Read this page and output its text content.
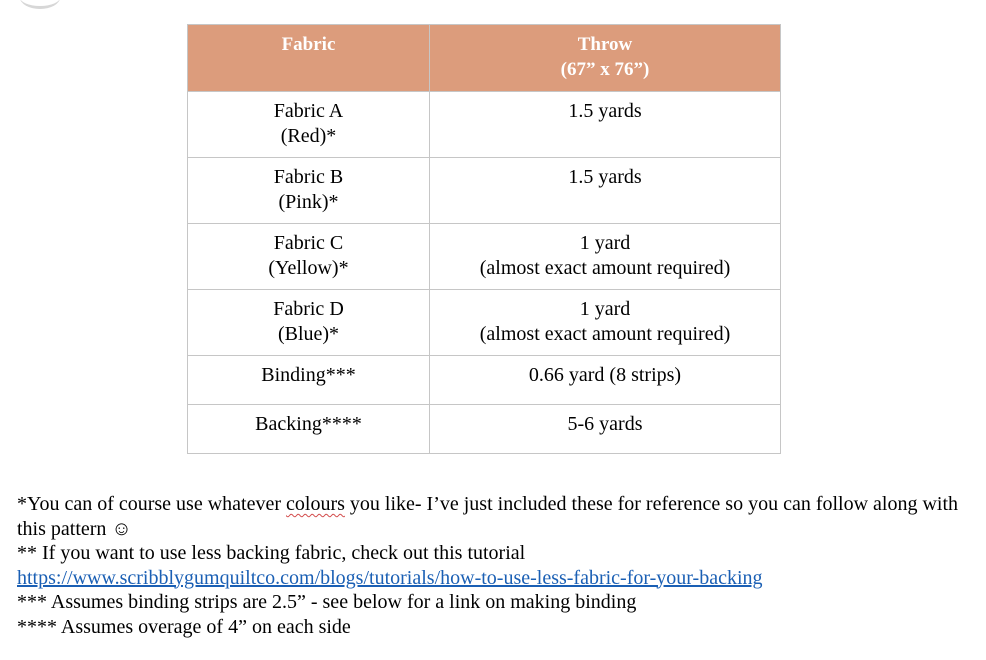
Fabric	Throw
(67” x 76”)

Fabric A
(Red)*	1.5 yards

Fabric B
(Pink)*	1.5 yards

Fabric C
(Yellow)*	1 yard
(almost exact amount required)

Fabric D
(Blue)*	1 yard
(almost exact amount required)

Binding***	0.66 yard (8 strips)

Backing****	5-6 yards

*You can of course use whatever colours you like- I’ve just included these for reference so you can follow along with this pattern ☺

** If you want to use less backing fabric, check out this tutorial

https://www.scribblygumquiltco.com/blogs/tutorials/how-to-use-less-fabric-for-your-backing

*** Assumes binding strips are 2.5” - see below for a link on making binding

**** Assumes overage of 4” on each side
